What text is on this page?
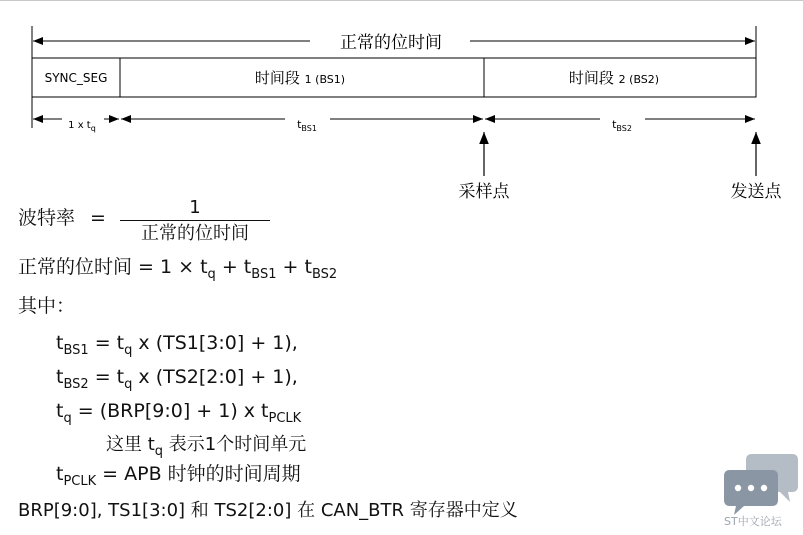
正常的位时间
SYNC_SEG	时间段 1 (BS1)	时间段 2 (BS2)
1 x tq	tBS1	tBS2
采样点	发送点
波特率 =	1
正常的位时间
正常的位时间 = $1 \times t_q + t_{BS1} + t_{BS2}$
其中：
$t_{BS1} = t_q$ x (TS1[3:0] + 1),
$t_{BS2} = t_q$ x (TS2[2:0] + 1),
$t_q$ = (BRP[9:0] + 1) x $t_{PCLK}$
这里 $t_q$ 表示1个时间单元
$t_{PCLK}$ = APB 时钟的时间周期
BRP[9:0], TS1[3:0] 和 TS2[2:0] 在 CAN_BTR 寄存器中定义
ST中文论坛
